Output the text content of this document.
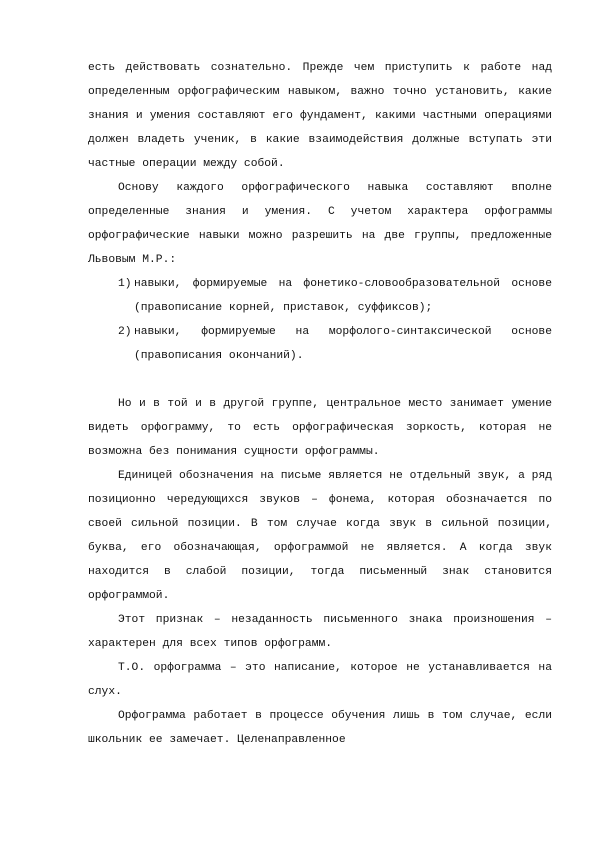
есть действовать сознательно. Прежде чем приступить к работе над определенным орфографическим навыком, важно точно установить, какие знания и умения составляют его фундамент, какими частными операциями должен владеть ученик, в какие взаимодействия должные вступать эти частные операции между собой.

Основу каждого орфографического навыка составляют вполне определенные знания и умения. С учетом характера орфограммы орфографические навыки можно разрешить на две группы, предложенные Львовым М.Р.:

1) навыки, формируемые на фонетико-словообразовательной основе (правописание корней, приставок, суффиксов);
2) навыки, формируемые на морфолого-синтаксической основе (правописания окончаний).

Но и в той и в другой группе, центральное место занимает умение видеть орфограмму, то есть орфографическая зоркость, которая не возможна без понимания сущности орфограммы.

Единицей обозначения на письме является не отдельный звук, а ряд позиционно чередующихся звуков – фонема, которая обозначается по своей сильной позиции. В том случае когда звук в сильной позиции, буква, его обозначающая, орфограммой не является. А когда звук находится в слабой позиции, тогда письменный знак становится орфограммой.

Этот признак – незаданность письменного знака произношения – характерен для всех типов орфограмм.

Т.О. орфограмма – это написание, которое не устанавливается на слух.

Орфограмма работает в процессе обучения лишь в том случае, если школьник ее замечает. Целенаправленное
